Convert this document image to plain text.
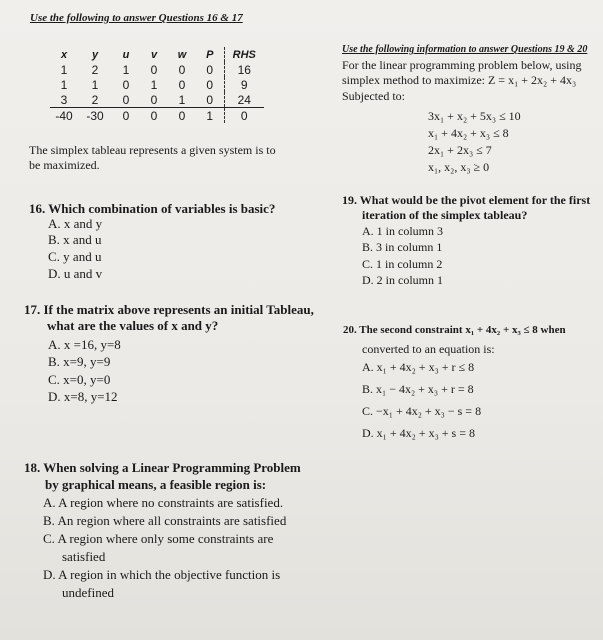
Use the following to answer Questions 16 & 17
x	y	u	v	w	P	RHS
1	2	1	0	0	0	16
1	1	0	1	0	0	9
3	2	0	0	1	0	24
-40	-30	0	0	0	1	0
The simplex tableau represents a given system is to
be maximized.
16. Which combination of variables is basic?
A. x and y
B. x and u
C. y and u
D. u and v
17. If the matrix above represents an initial Tableau,
what are the values of x and y?
A. x =16, y=8
B. x=9, y=9
C. x=0, y=0
D. x=8, y=12
18. When solving a Linear Programming Problem
by graphical means, a feasible region is:
A. A region where no constraints are satisfied.
B. An region where all constraints are satisfied
C. A region where only some constraints are
satisfied
D. A region in which the objective function is
undefined
Use the following information to answer Questions 19 & 20
For the linear programming problem below, using
simplex method to maximize: Z = x₁ + 2x₂ + 4x₃
Subjected to:
3x₁ + x₂ + 5x₃ ≤ 10
x₁ + 4x₂ + x₃ ≤ 8
2x₁ + 2x₃ ≤ 7
x₁, x₂, x₃ ≥ 0
19. What would be the pivot element for the first
iteration of the simplex tableau?
A. 1 in column 3
B. 3 in column 1
C. 1 in column 2
D. 2 in column 1
20. The second constraint x₁ + 4x₂ + x₃ ≤ 8 when
converted to an equation is:
A. x₁ + 4x₂ + x₃ + r ≤ 8
B. x₁ − 4x₂ + x₃ + r = 8
C. −x₁ + 4x₂ + x₃ − s = 8
D. x₁ + 4x₂ + x₃ + s = 8
